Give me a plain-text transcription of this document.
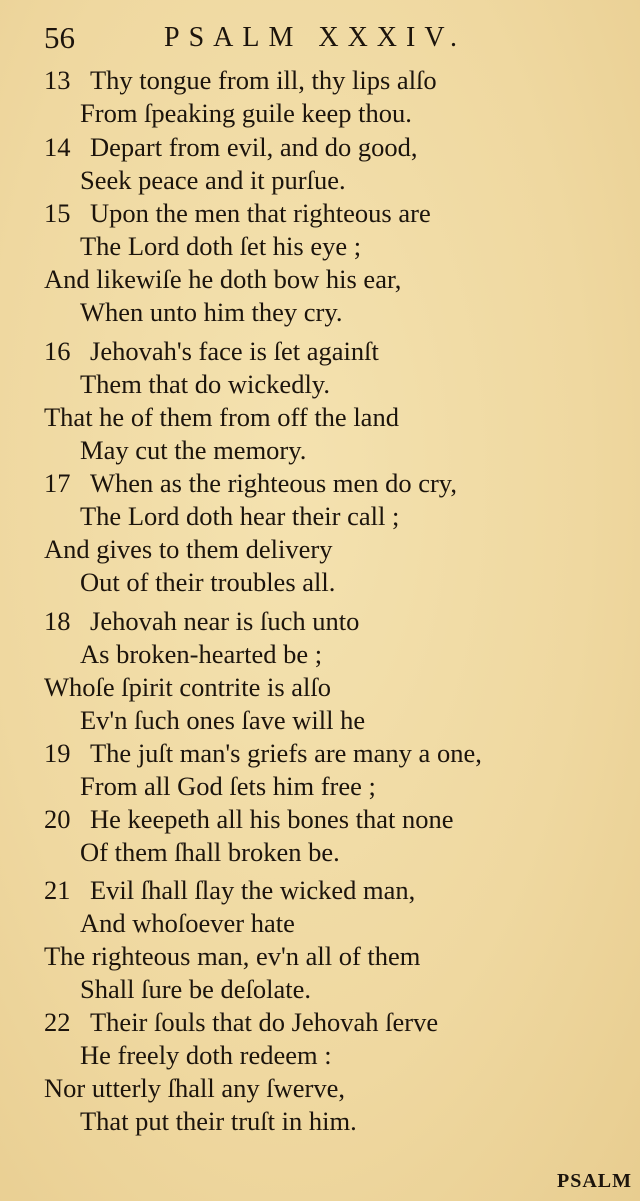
56	PSALM XXXIV.
13 Thy tongue from ill, thy lips alſo
From ſpeaking guile keep thou.
14 Depart from evil, and do good,
Seek peace and it purſue.
15 Upon the men that righteous are
The Lord doth ſet his eye ;
And likewiſe he doth bow his ear,
When unto him they cry.
16 Jehovah's face is ſet againſt
Them that do wickedly.
That he of them from off the land
May cut the memory.
17 When as the righteous men do cry,
The Lord doth hear their call ;
And gives to them delivery
Out of their troubles all.
18 Jehovah near is ſuch unto
As broken-hearted be ;
Whoſe ſpirit contrite is alſo
Ev'n ſuch ones ſave will he
19 The juſt man's griefs are many a one,
From all God ſets him free ;
20 He keepeth all his bones that none
Of them ſhall broken be.
21 Evil ſhall ſlay the wicked man,
And whoſoever hate
The righteous man, ev'n all of them
Shall ſure be deſolate.
22 Their ſouls that do Jehovah ſerve
He freely doth redeem :
Nor utterly ſhall any ſwerve,
That put their truſt in him.
PSALM
